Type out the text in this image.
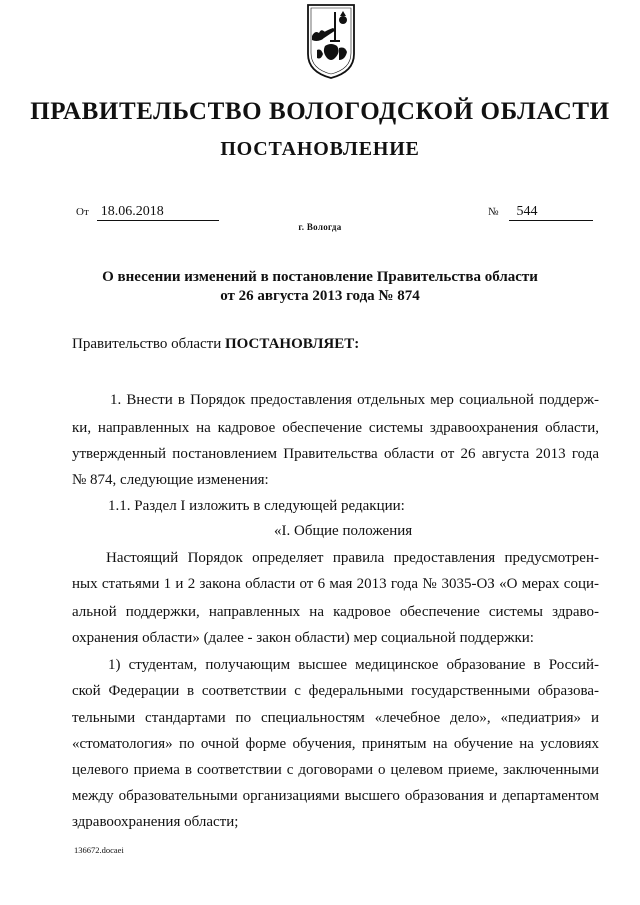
ПРАВИТЕЛЬСТВО ВОЛОГОДСКОЙ ОБЛАСТИ
ПОСТАНОВЛЕНИЕ
От 18.06.2018	№ 544
г. Вологда
О внесении изменений в постановление Правительства области
от 26 августа 2013 года № 874
Правительство области ПОСТАНОВЛЯЕТ:
1. Внести в Порядок предоставления отдельных мер социальной поддерж-
ки, направленных на кадровое обеспечение системы здравоохранения области,
утвержденный постановлением Правительства области от 26 августа 2013 года
№ 874, следующие изменения:
1.1. Раздел I изложить в следующей редакции:
«I. Общие положения
Настоящий Порядок определяет правила предоставления предусмотрен-
ных статьями 1 и 2 закона области от 6 мая 2013 года № 3035-ОЗ «О мерах соци-
альной поддержки, направленных на кадровое обеспечение системы здраво-
охранения области» (далее - закон области) мер социальной поддержки:
1) студентам, получающим высшее медицинское образование в Россий-
ской Федерации в соответствии с федеральными государственными образова-
тельными стандартами по специальностям «лечебное дело», «педиатрия» и
«стоматология» по очной форме обучения, принятым на обучение на условиях
целевого приема в соответствии с договорами о целевом приеме, заключенными
между образовательными организациями высшего образования и департаментом
здравоохранения области;
136672.docaei
